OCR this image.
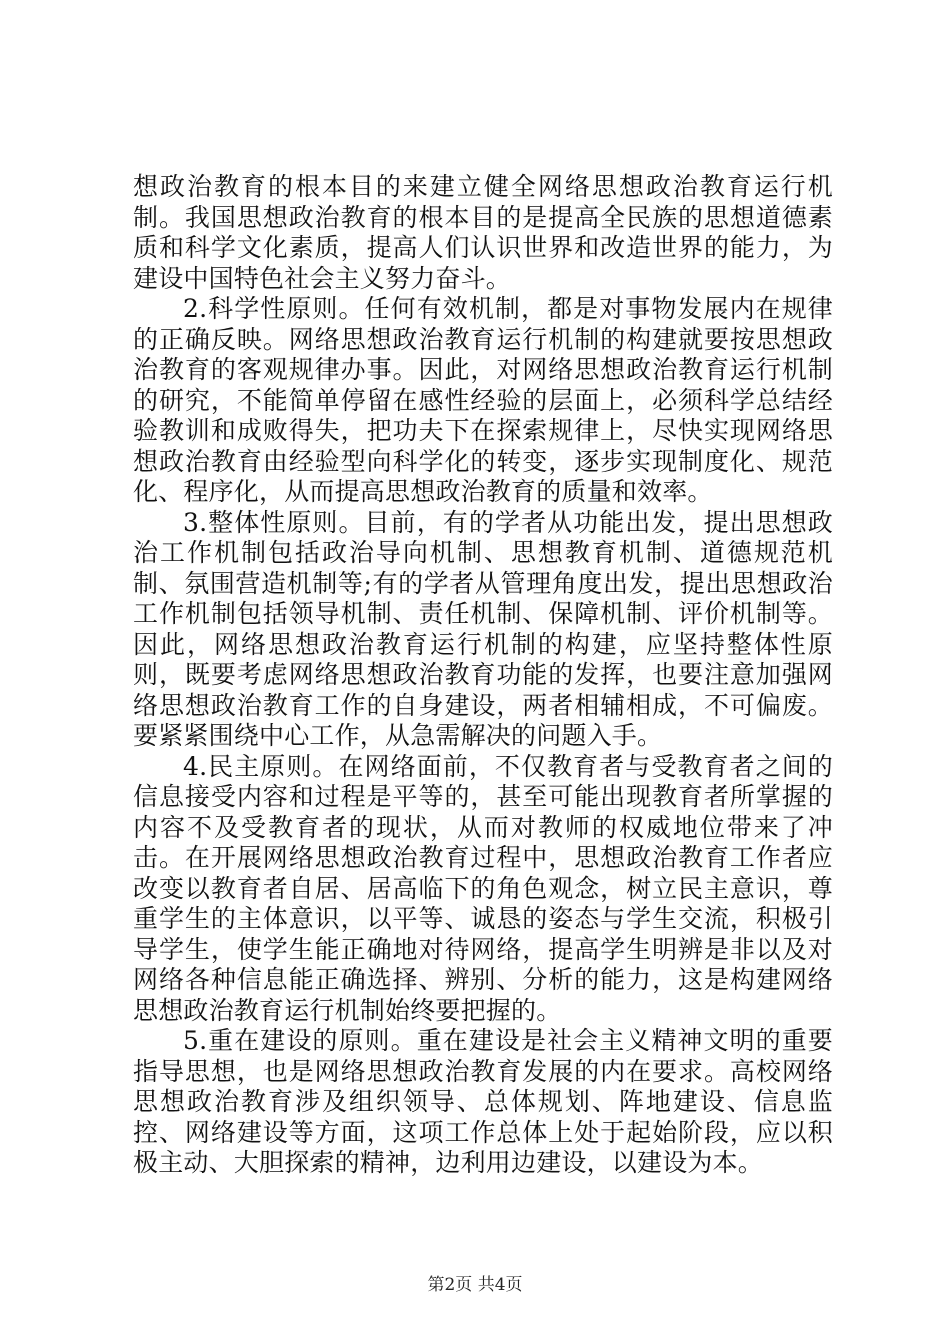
想政治教育的根本目的来建立健全网络思想政治教育运行机制。我国思想政治教育的根本目的是提高全民族的思想道德素质和科学文化素质，提高人们认识世界和改造世界的能力，为建设中国特色社会主义努力奋斗。

2.科学性原则。任何有效机制，都是对事物发展内在规律的正确反映。网络思想政治教育运行机制的构建就要按思想政治教育的客观规律办事。因此，对网络思想政治教育运行机制的研究，不能简单停留在感性经验的层面上，必须科学总结经验教训和成败得失，把功夫下在探索规律上，尽快实现网络思想政治教育由经验型向科学化的转变，逐步实现制度化、规范化、程序化，从而提高思想政治教育的质量和效率。

3.整体性原则。目前，有的学者从功能出发，提出思想政治工作机制包括政治导向机制、思想教育机制、道德规范机制、氛围营造机制等;有的学者从管理角度出发，提出思想政治工作机制包括领导机制、责任机制、保障机制、评价机制等。因此，网络思想政治教育运行机制的构建，应坚持整体性原则，既要考虑网络思想政治教育功能的发挥，也要注意加强网络思想政治教育工作的自身建设，两者相辅相成，不可偏废。要紧紧围绕中心工作，从急需解决的问题入手。

4.民主原则。在网络面前，不仅教育者与受教育者之间的信息接受内容和过程是平等的，甚至可能出现教育者所掌握的内容不及受教育者的现状，从而对教师的权威地位带来了冲击。在开展网络思想政治教育过程中，思想政治教育工作者应改变以教育者自居、居高临下的角色观念，树立民主意识，尊重学生的主体意识，以平等、诚恳的姿态与学生交流，积极引导学生，使学生能正确地对待网络，提高学生明辨是非以及对网络各种信息能正确选择、辨别、分析的能力，这是构建网络思想政治教育运行机制始终要把握的。

5.重在建设的原则。重在建设是社会主义精神文明的重要指导思想，也是网络思想政治教育发展的内在要求。高校网络思想政治教育涉及组织领导、总体规划、阵地建设、信息监控、网络建设等方面，这项工作总体上处于起始阶段，应以积极主动、大胆探索的精神，边利用边建设，以建设为本。

第2页 共4页
